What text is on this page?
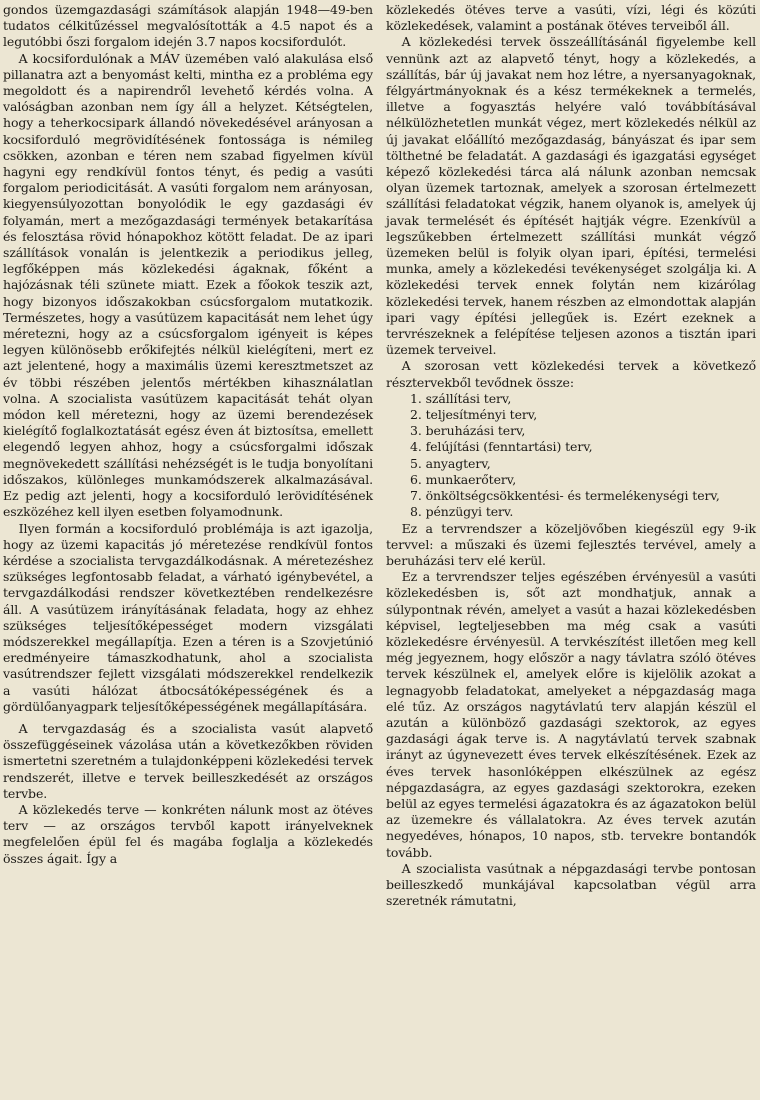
gondos üzemgazdasági számítások alapján 1948—49-ben tudatos célkitűzéssel megvalósították a 4.5 napot és a legutóbbi őszi forgalom idején 3.7 napos kocsifordulót.

A kocsifordulónak a MÁV üzemében való alakulása első pillanatra azt a benyomást kelti, mintha ez a probléma egy megoldott és a napirendről levehető kérdés volna. A valóságban azonban nem így áll a helyzet. Kétségtelen, hogy a teherkocsipark állandó növekedésével arányosan a kocsiforduló megrövidítésének fontossága is némileg csökken, azonban e téren nem szabad figyelmen kívül hagyni egy rendkívül fontos tényt, és pedig a vasúti forgalom periodicitását. A vasúti forgalom nem arányosan, kiegyensúlyozottan bonyolódik le egy gazdasági év folyamán, mert a mezőgazdasági termények betakarítása és felosztása rövid hónapokhoz kötött feladat. De az ipari szállítások vonalán is jelentkezik a periodikus jelleg, legfőképpen más közlekedési ágaknak, főként a hajózásnak téli szünete miatt. Ezek a főokok teszik azt, hogy bizonyos időszakokban csúcsforgalom mutatkozik. Természetes, hogy a vasútüzem kapacitását nem lehet úgy méretezni, hogy az a csúcsforgalom igényeit is képes legyen különösebb erőkifejtés nélkül kielégíteni, mert ez azt jelentené, hogy a maximális üzemi keresztmetszet az év többi részében jelentős mértékben kihasználatlan volna. A szocialista vasútüzem kapacitását tehát olyan módon kell méretezni, hogy az üzemi berendezések kielégítő foglalkoztatását egész éven át biztosítsa, emellett elegendő legyen ahhoz, hogy a csúcsforgalmi időszak megnövekedett szállítási nehézségét is le tudja bonyolítani időszakos, különleges munkamódszerek alkalmazásával. Ez pedig azt jelenti, hogy a kocsiforduló lerövidítésének eszközéhez kell ilyen esetben folyamodnunk.

Ilyen formán a kocsiforduló problémája is azt igazolja, hogy az üzemi kapacitás jó méretezése rendkívül fontos kérdése a szocialista tervgazdálkodásnak. A méretezéshez szükséges legfontosabb feladat, a várható igénybevétel, a tervgazdálkodási rendszer következtében rendelkezésre áll. A vasútüzem irányításának feladata, hogy az ehhez szükséges teljesítőképességet modern vizsgálati módszerekkel megállapítja. Ezen a téren is a Szovjetúnió eredményeire támaszkodhatunk, ahol a szocialista vasútrendszer fejlett vizsgálati módszerekkel rendelkezik a vasúti hálózat átbocsátóképességének és a gördülőanyagpark teljesítőképességének megállapítására.

A tervgazdaság és a szocialista vasút alapvető összefüggéseinek vázolása után a következőkben röviden ismertetni szeretném a tulajdonképpeni közlekedési tervek rendszerét, illetve e tervek beilleszkedését az országos tervbe.

A közlekedés terve — konkréten nálunk most az ötéves terv — az országos tervből kapott irányelveknek megfelelően épül fel és magába foglalja a közlekedés összes ágait. Így a

közlekedés ötéves terve a vasúti, vízi, légi és közúti közlekedések, valamint a postának ötéves terveiből áll.

A közlekedési tervek összeállításánál figyelembe kell vennünk azt az alapvető tényt, hogy a közlekedés, a szállítás, bár új javakat nem hoz létre, a nyersanyagoknak, félgyártmányoknak és a kész termékeknek a termelés, illetve a fogyasztás helyére való továbbításával nélkülözhetetlen munkát végez, mert közlekedés nélkül az új javakat előállító mezőgazdaság, bányászat és ipar sem tölthetné be feladatát. A gazdasági és igazgatási egységet képező közlekedési tárca alá nálunk azonban nemcsak olyan üzemek tartoznak, amelyek a szorosan értelmezett szállítási feladatokat végzik, hanem olyanok is, amelyek új javak termelését és építését hajtják végre. Ezenkívül a legszűkebben értelmezett szállítási munkát végző üzemeken belül is folyik olyan ipari, építési, termelési munka, amely a közlekedési tevékenységet szolgálja ki. A közlekedési tervek ennek folytán nem kizárólag közlekedési tervek, hanem részben az elmondottak alapján ipari vagy építési jellegűek is. Ezért ezeknek a tervrészeknek a felépítése teljesen azonos a tisztán ipari üzemek terveivel.

A szorosan vett közlekedési tervek a következő résztervekből tevődnek össze:

1. szállítási terv,
2. teljesítményi terv,
3. beruházási terv,
4. felújítási (fenntartási) terv,
5. anyagterv,
6. munkaerőterv,
7. önköltségcsökkentési- és termelékenységi terv,
8. pénzügyi terv.

Ez a tervrendszer a közeljövőben kiegészül egy 9-ik tervvel: a műszaki és üzemi fejlesztés tervével, amely a beruházási terv elé kerül.

Ez a tervrendszer teljes egészében érvényesül a vasúti közlekedésben is, sőt azt mondhatjuk, annak a súlypontnak révén, amelyet a vasút a hazai közlekedésben képvisel, legteljesebben ma még csak a vasúti közlekedésre érvényesül. A tervkészítést illetően meg kell még jegyeznem, hogy először a nagy távlatra szóló ötéves tervek készülnek el, amelyek előre is kijelölik azokat a legnagyobb feladatokat, amelyeket a népgazdaság maga elé tűz. Az országos nagytávlatú terv alapján készül el azután a különböző gazdasági szektorok, az egyes gazdasági ágak terve is. A nagytávlatú tervek szabnak irányt az úgynevezett éves tervek elkészítésének. Ezek az éves tervek hasonlóképpen elkészülnek az egész népgazdaságra, az egyes gazdasági szektorokra, ezeken belül az egyes termelési ágazatokra és az ágazatokon belül az üzemekre és vállalatokra. Az éves tervek azután negyedéves, hónapos, 10 napos, stb. tervekre bontandók tovább.

A szocialista vasútnak a népgazdasági tervbe pontosan beilleszkedő munkájával kapcsolatban végül arra szeretnék rámutatni,
